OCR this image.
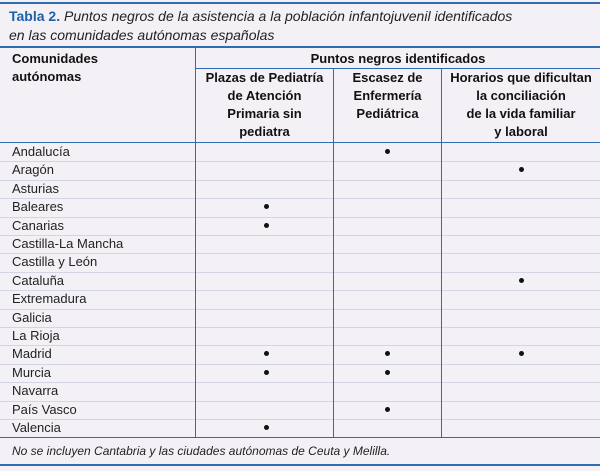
Tabla 2. Puntos negros de la asistencia a la población infantojuvenil identificados
en las comunidades autónomas españolas
Comunidades
autónomas
Puntos negros identificados
Plazas de Pediatría
de Atención
Primaria sin
pediatra
Escasez de
Enfermería
Pediátrica
Horarios que dificultan
la conciliación
de la vida familiar
y laboral
Andalucía
Aragón
Asturias
Baleares
Canarias
Castilla-La Mancha
Castilla y León
Cataluña
Extremadura
Galicia
La Rioja
Madrid
Murcia
Navarra
País Vasco
Valencia
No se incluyen Cantabria y las ciudades autónomas de Ceuta y Melilla.
